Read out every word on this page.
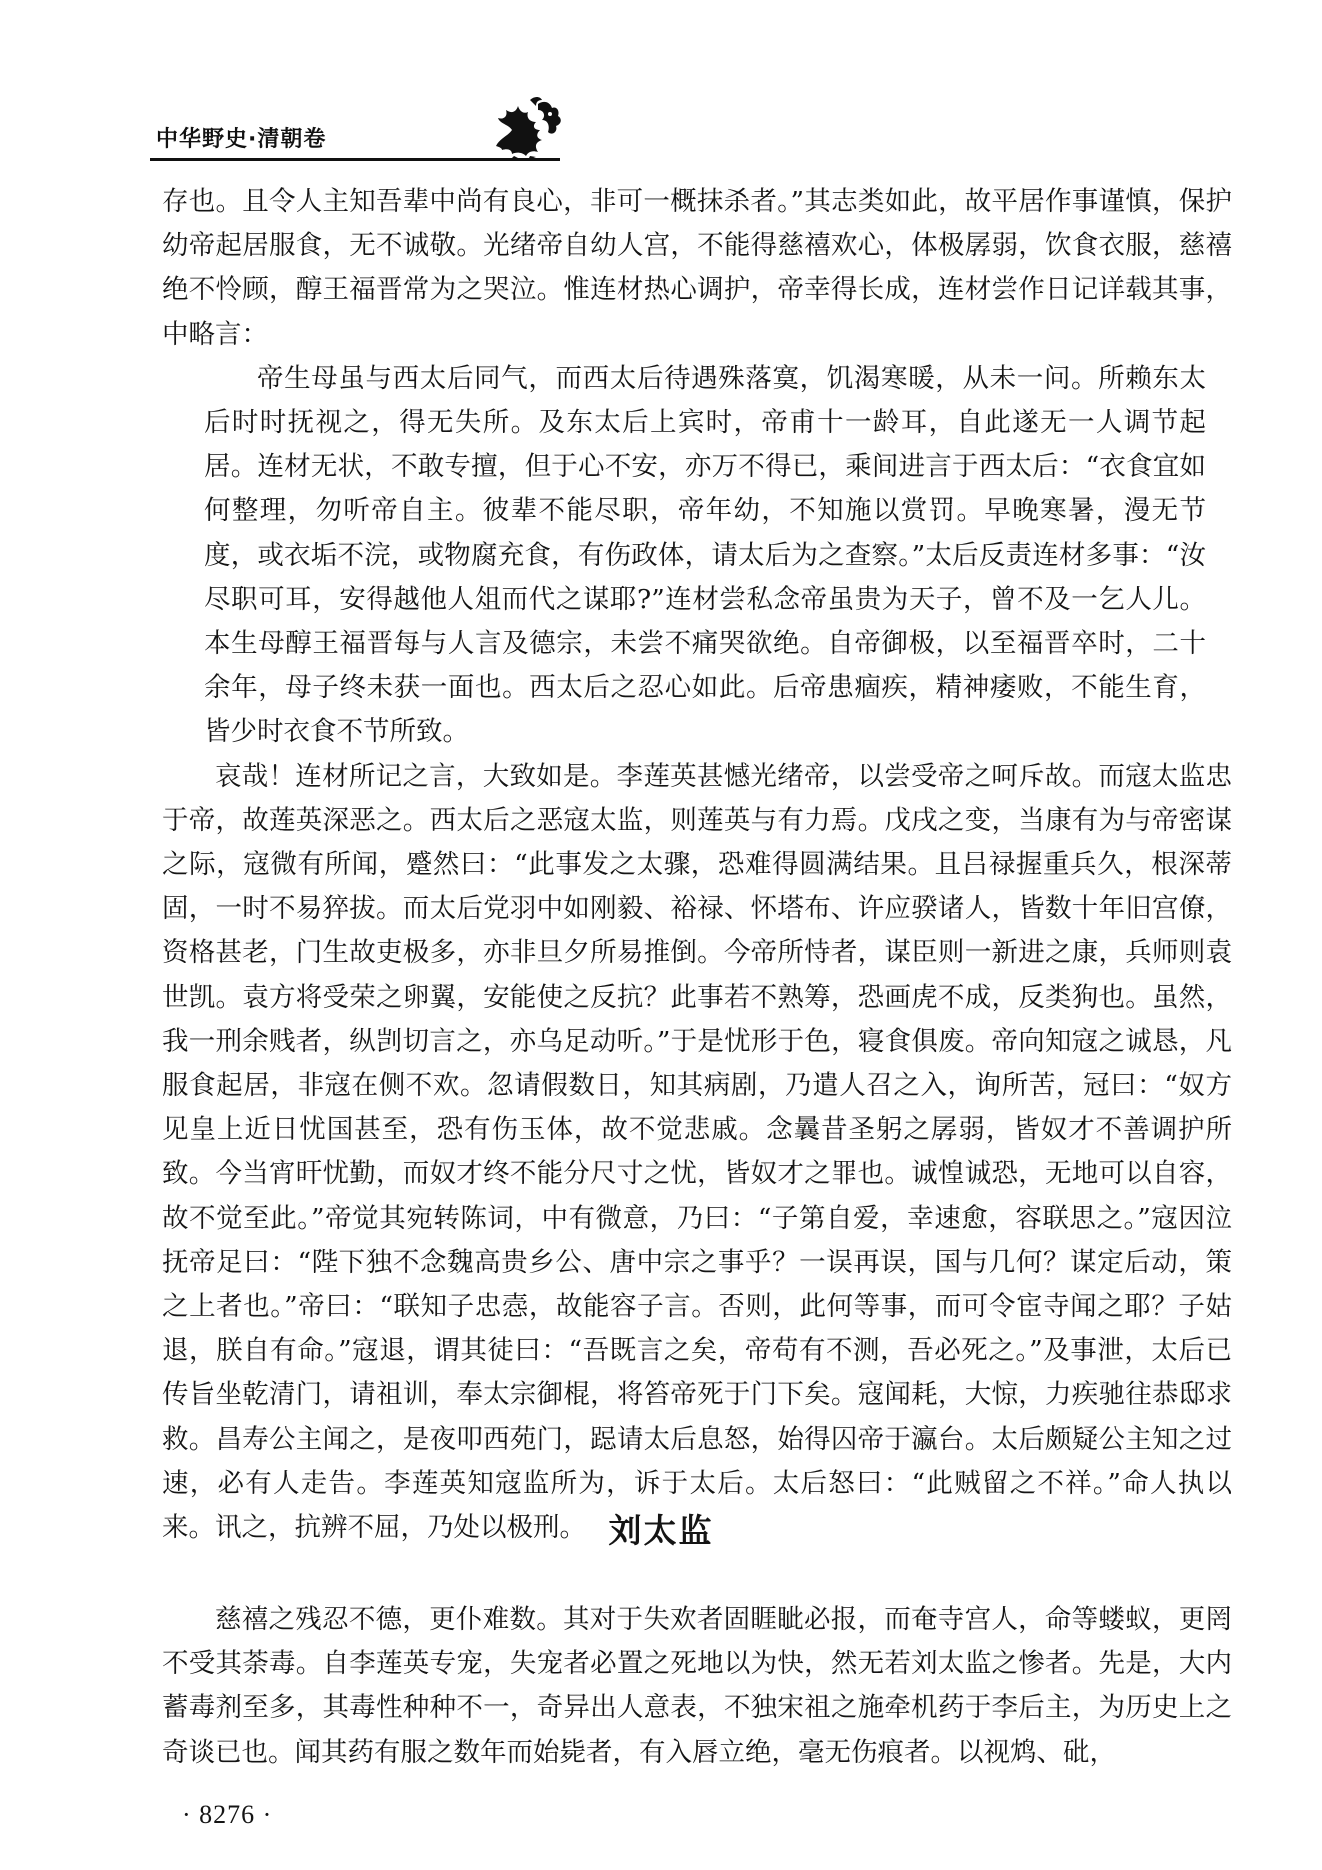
中华野史·清朝卷

存也。且令人主知吾辈中尚有良心，非可一概抹杀者。”其志类如此，故平居作事谨慎，保护幼帝起居服食，无不诚敬。光绪帝自幼人宫，不能得慈禧欢心，体极孱弱，饮食衣服，慈禧绝不怜顾，醇王福晋常为之哭泣。惟连材热心调护，帝幸得长成，连材尝作日记详载其事，中略言：

帝生母虽与西太后同气，而西太后待遇殊落寞，饥渴寒暖，从未一问。所赖东太后时时抚视之，得无失所。及东太后上宾时，帝甫十一龄耳，自此遂无一人调节起居。连材无状，不敢专擅，但于心不安，亦万不得已，乘间进言于西太后：“衣食宜如何整理，勿听帝自主。彼辈不能尽职，帝年幼，不知施以赏罚。早晚寒暑，漫无节度，或衣垢不浣，或物腐充食，有伤政体，请太后为之查察。”太后反责连材多事：“汝尽职可耳，安得越他人俎而代之谋耶?”连材尝私念帝虽贵为天子，曾不及一乞人儿。本生母醇王福晋每与人言及德宗，未尝不痛哭欲绝。自帝御极，以至福晋卒时，二十余年，母子终未获一面也。西太后之忍心如此。后帝患痼疾，精神痿败，不能生育，皆少时衣食不节所致。

哀哉！连材所记之言，大致如是。李莲英甚憾光绪帝，以尝受帝之呵斥故。而寇太监忠于帝，故莲英深恶之。西太后之恶寇太监，则莲英与有力焉。戊戌之变，当康有为与帝密谋之际，寇微有所闻，蹙然曰：“此事发之太骤，恐难得圆满结果。且吕禄握重兵久，根深蒂固，一时不易猝拔。而太后党羽中如刚毅、裕禄、怀塔布、许应骙诸人，皆数十年旧宫僚，资格甚老，门生故吏极多，亦非旦夕所易推倒。今帝所恃者，谋臣则一新进之康，兵师则袁世凯。袁方将受荣之卵翼，安能使之反抗？此事若不熟筹，恐画虎不成，反类狗也。虽然，我一刑余贱者，纵剀切言之，亦乌足动听。”于是忧形于色，寝食俱废。帝向知寇之诚恳，凡服食起居，非寇在侧不欢。忽请假数日，知其病剧，乃遣人召之入，询所苦，冠曰：“奴方见皇上近日忧国甚至，恐有伤玉体，故不觉悲戚。念曩昔圣躬之孱弱，皆奴才不善调护所致。今当宵旰忧勤，而奴才终不能分尺寸之忧，皆奴才之罪也。诚惶诚恐，无地可以自容，故不觉至此。”帝觉其宛转陈词，中有微意，乃曰：“子第自爱，幸速愈，容联思之。”寇因泣抚帝足曰：“陛下独不念魏高贵乡公、唐中宗之事乎？一误再误，国与几何？谋定后动，策之上者也。”帝曰：“联知子忠悫，故能容子言。否则，此何等事，而可令宦寺闻之耶？子姑退，朕自有命。”寇退，谓其徒曰：“吾既言之矣，帝苟有不测，吾必死之。”及事泄，太后已传旨坐乾清门，请祖训，奉太宗御棍，将笞帝死于门下矣。寇闻耗，大惊，力疾驰往恭邸求救。昌寿公主闻之，是夜叩西苑门，跽请太后息怒，始得囚帝于瀛台。太后颇疑公主知之过速，必有人走告。李莲英知寇监所为，诉于太后。太后怒曰：“此贼留之不祥。”命人执以来。讯之，抗辨不屈，乃处以极刑。 刘太监

慈禧之残忍不德，更仆难数。其对于失欢者固睚眦必报，而奄寺宫人，命等蝼蚁，更罔不受其荼毒。自李莲英专宠，失宠者必置之死地以为快，然无若刘太监之惨者。先是，大内蓄毒剂至多，其毒性种种不一，奇异出人意表，不独宋祖之施牵机药于李后主，为历史上之奇谈已也。闻其药有服之数年而始毙者，有入唇立绝，毫无伤痕者。以视鸩、砒，

· 8276 ·
